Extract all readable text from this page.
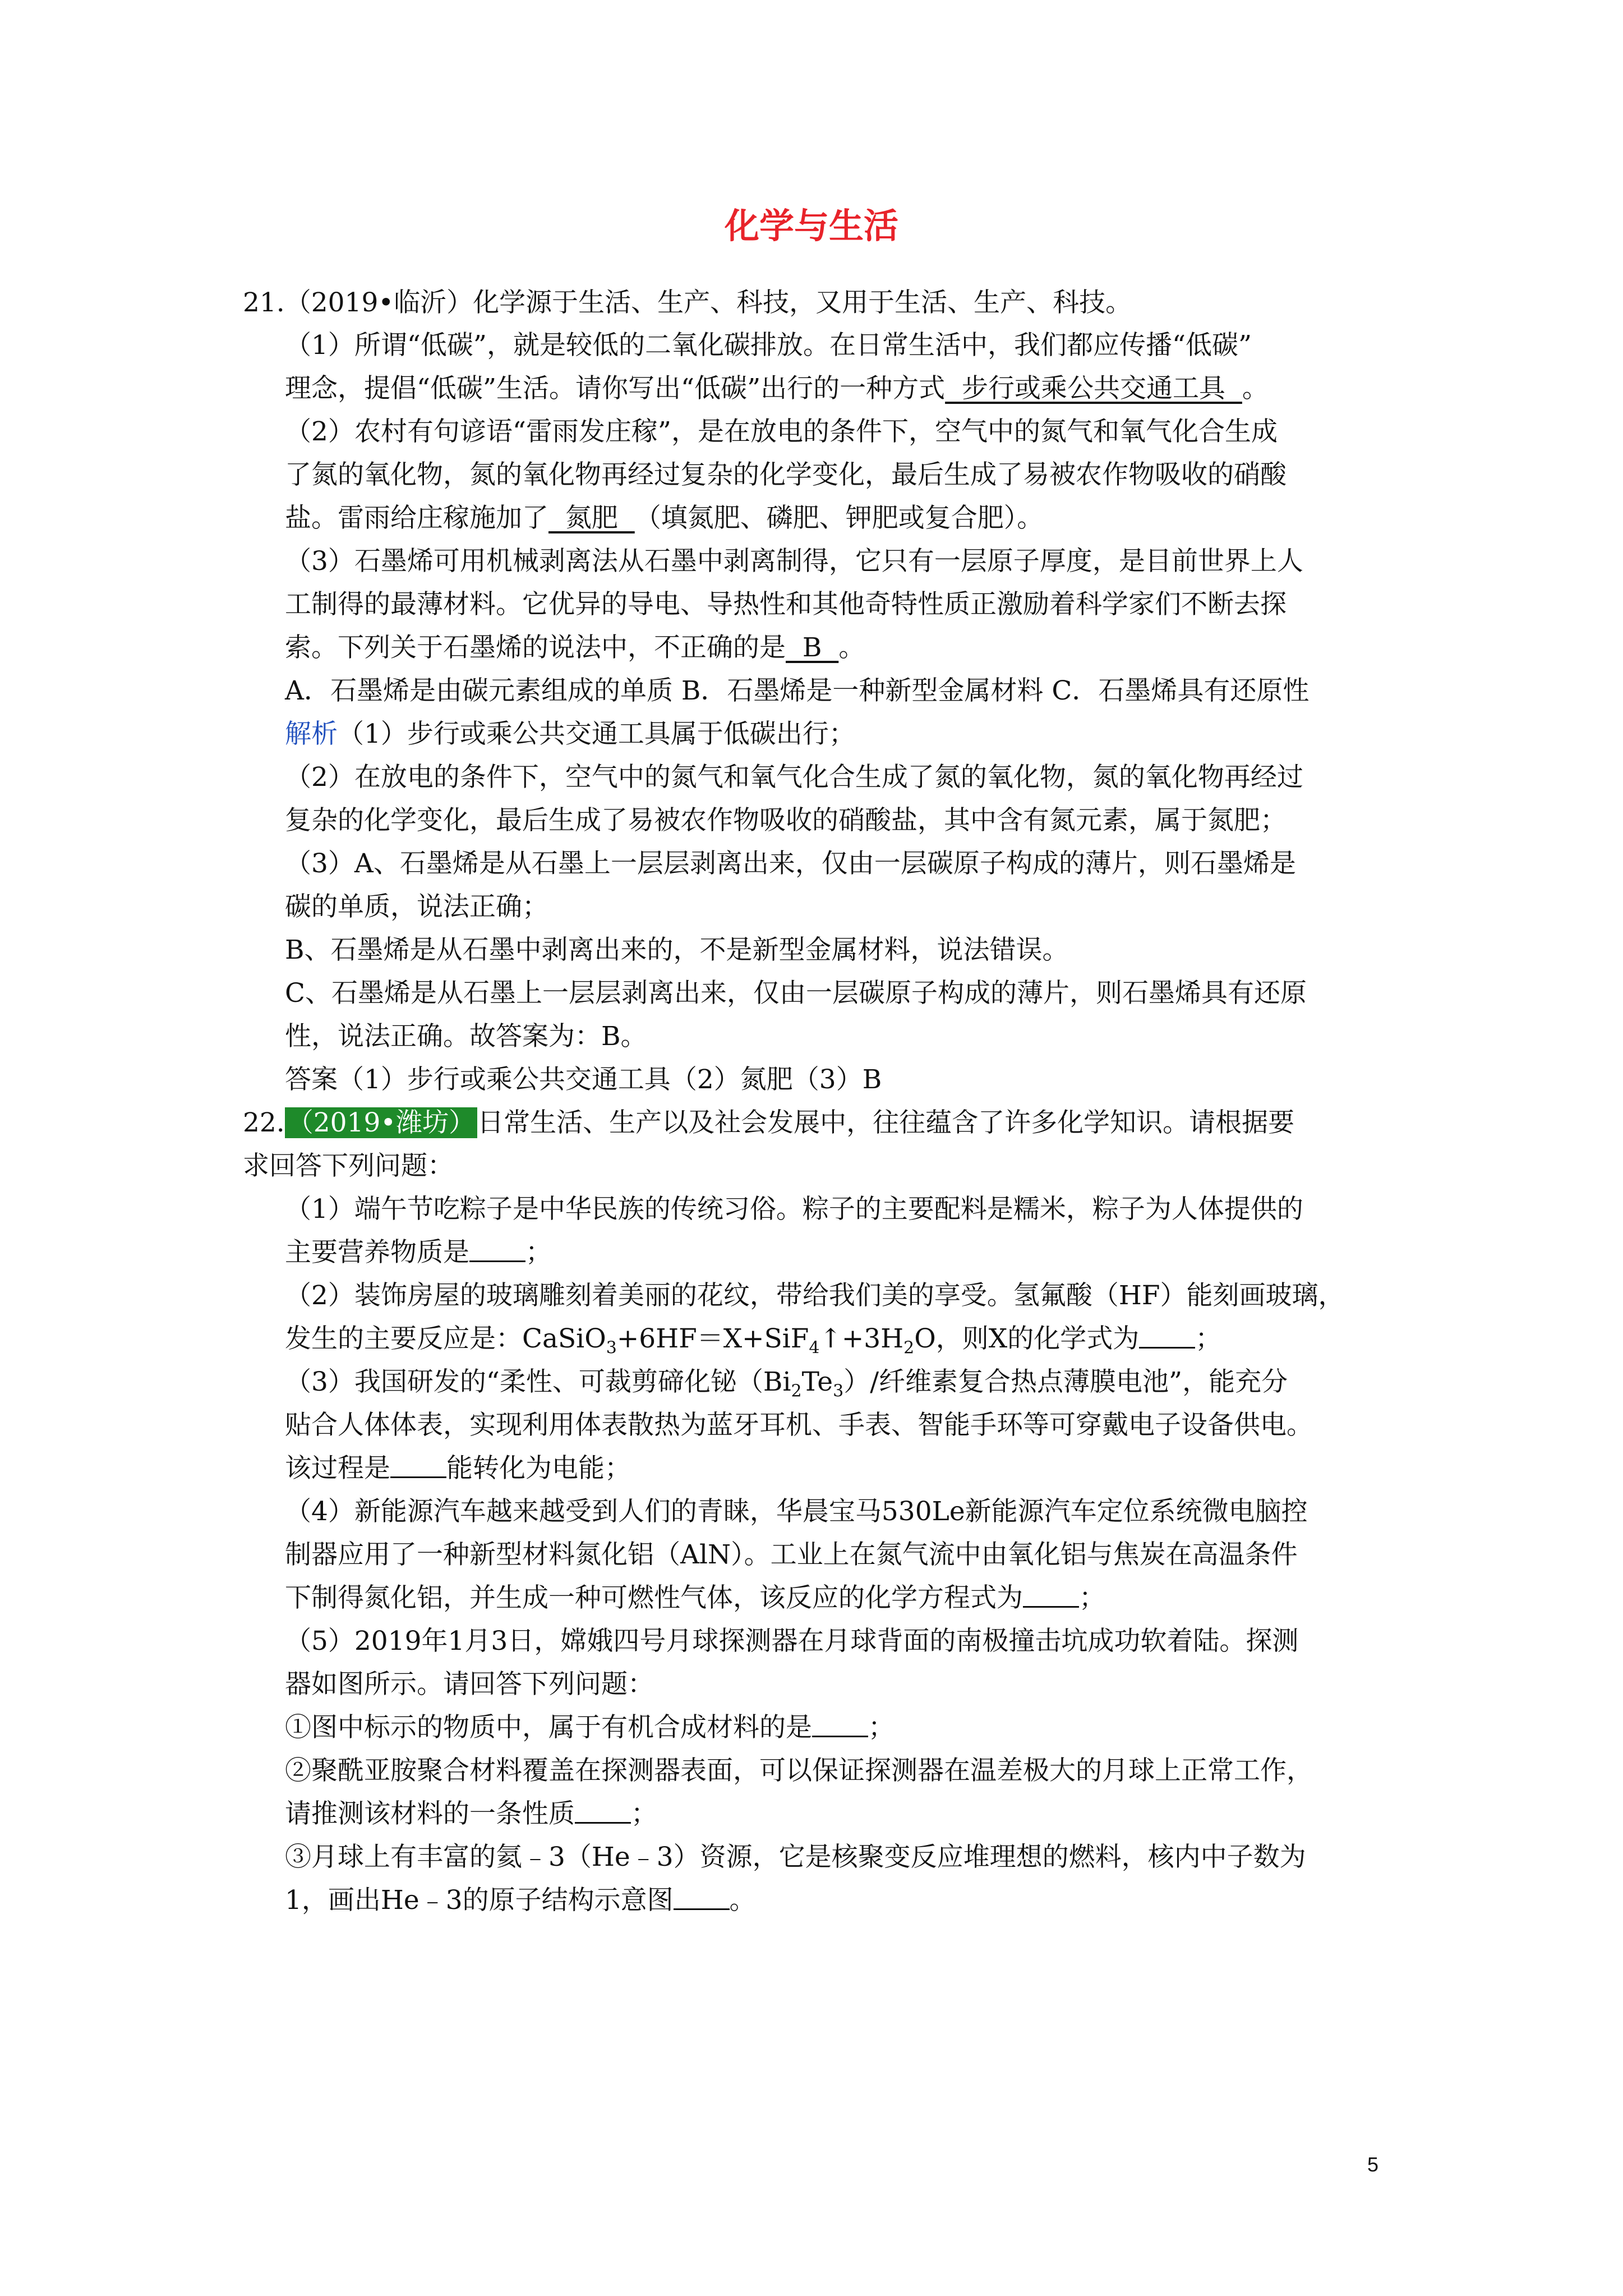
化学与生活
21.（2019•临沂）化学源于生活、生产、科技，又用于生活、生产、科技。
（1）所谓“低碳”，就是较低的二氧化碳排放。在日常生活中，我们都应传播“低碳”
理念，提倡“低碳”生活。请你写出“低碳”出行的一种方式  步行或乘公共交通工具  。
（2）农村有句谚语“雷雨发庄稼”，是在放电的条件下，空气中的氮气和氧气化合生成
了氮的氧化物，氮的氧化物再经过复杂的化学变化，最后生成了易被农作物吸收的硝酸
盐。雷雨给庄稼施加了  氮肥  （填氮肥、磷肥、钾肥或复合肥）。
（3）石墨烯可用机械剥离法从石墨中剥离制得，它只有一层原子厚度，是目前世界上人
工制得的最薄材料。它优异的导电、导热性和其他奇特性质正激励着科学家们不断去探
索。下列关于石墨烯的说法中，不正确的是  B  。
A．石墨烯是由碳元素组成的单质 B．石墨烯是一种新型金属材料 C．石墨烯具有还原性
解析（1）步行或乘公共交通工具属于低碳出行；
（2）在放电的条件下，空气中的氮气和氧气化合生成了氮的氧化物，氮的氧化物再经过
复杂的化学变化，最后生成了易被农作物吸收的硝酸盐，其中含有氮元素，属于氮肥；
（3）A、石墨烯是从石墨上一层层剥离出来，仅由一层碳原子构成的薄片，则石墨烯是
碳的单质，说法正确；
B、石墨烯是从石墨中剥离出来的，不是新型金属材料，说法错误。
C、石墨烯是从石墨上一层层剥离出来，仅由一层碳原子构成的薄片，则石墨烯具有还原
性，说法正确。故答案为：B。
答案（1）步行或乘公共交通工具（2）氮肥（3）B
22.（2019•潍坊）日常生活、生产以及社会发展中，往往蕴含了许多化学知识。请根据要
求回答下列问题：
（1）端午节吃粽子是中华民族的传统习俗。粽子的主要配料是糯米，粽子为人体提供的
主要营养物质是 ；
（2）装饰房屋的玻璃雕刻着美丽的花纹，带给我们美的享受。氢氟酸（HF）能刻画玻璃，
发生的主要反应是：$CaSiO_3+6HF=X+SiF_4↑+3H_2O$，则X的化学式为 ；
（3）我国研发的“柔性、可裁剪碲化铋$(Bi_2Te_3)/$纤维素复合热点薄膜电池”，能充分
贴合人体体表，实现利用体表散热为蓝牙耳机、手表、智能手环等可穿戴电子设备供电。
该过程是 能转化为电能；
（4）新能源汽车越来越受到人们的青睐，华晨宝马530Le新能源汽车定位系统微电脑控
制器应用了一种新型材料氮化铝（AlN）。工业上在氮气流中由氧化铝与焦炭在高温条件
下制得氮化铝，并生成一种可燃性气体，该反应的化学方程式为 ；
（5）2019年1月3日，嫦娥四号月球探测器在月球背面的南极撞击坑成功软着陆。探测
器如图所示。请回答下列问题：
①图中标示的物质中，属于有机合成材料的是 ；
②聚酰亚胺聚合材料覆盖在探测器表面，可以保证探测器在温差极大的月球上正常工作，
请推测该材料的一条性质 ；
③月球上有丰富的氦﹣3（He﹣3）资源，它是核聚变反应堆理想的燃料，核内中子数为
1，画出He﹣3的原子结构示意图 。
5
